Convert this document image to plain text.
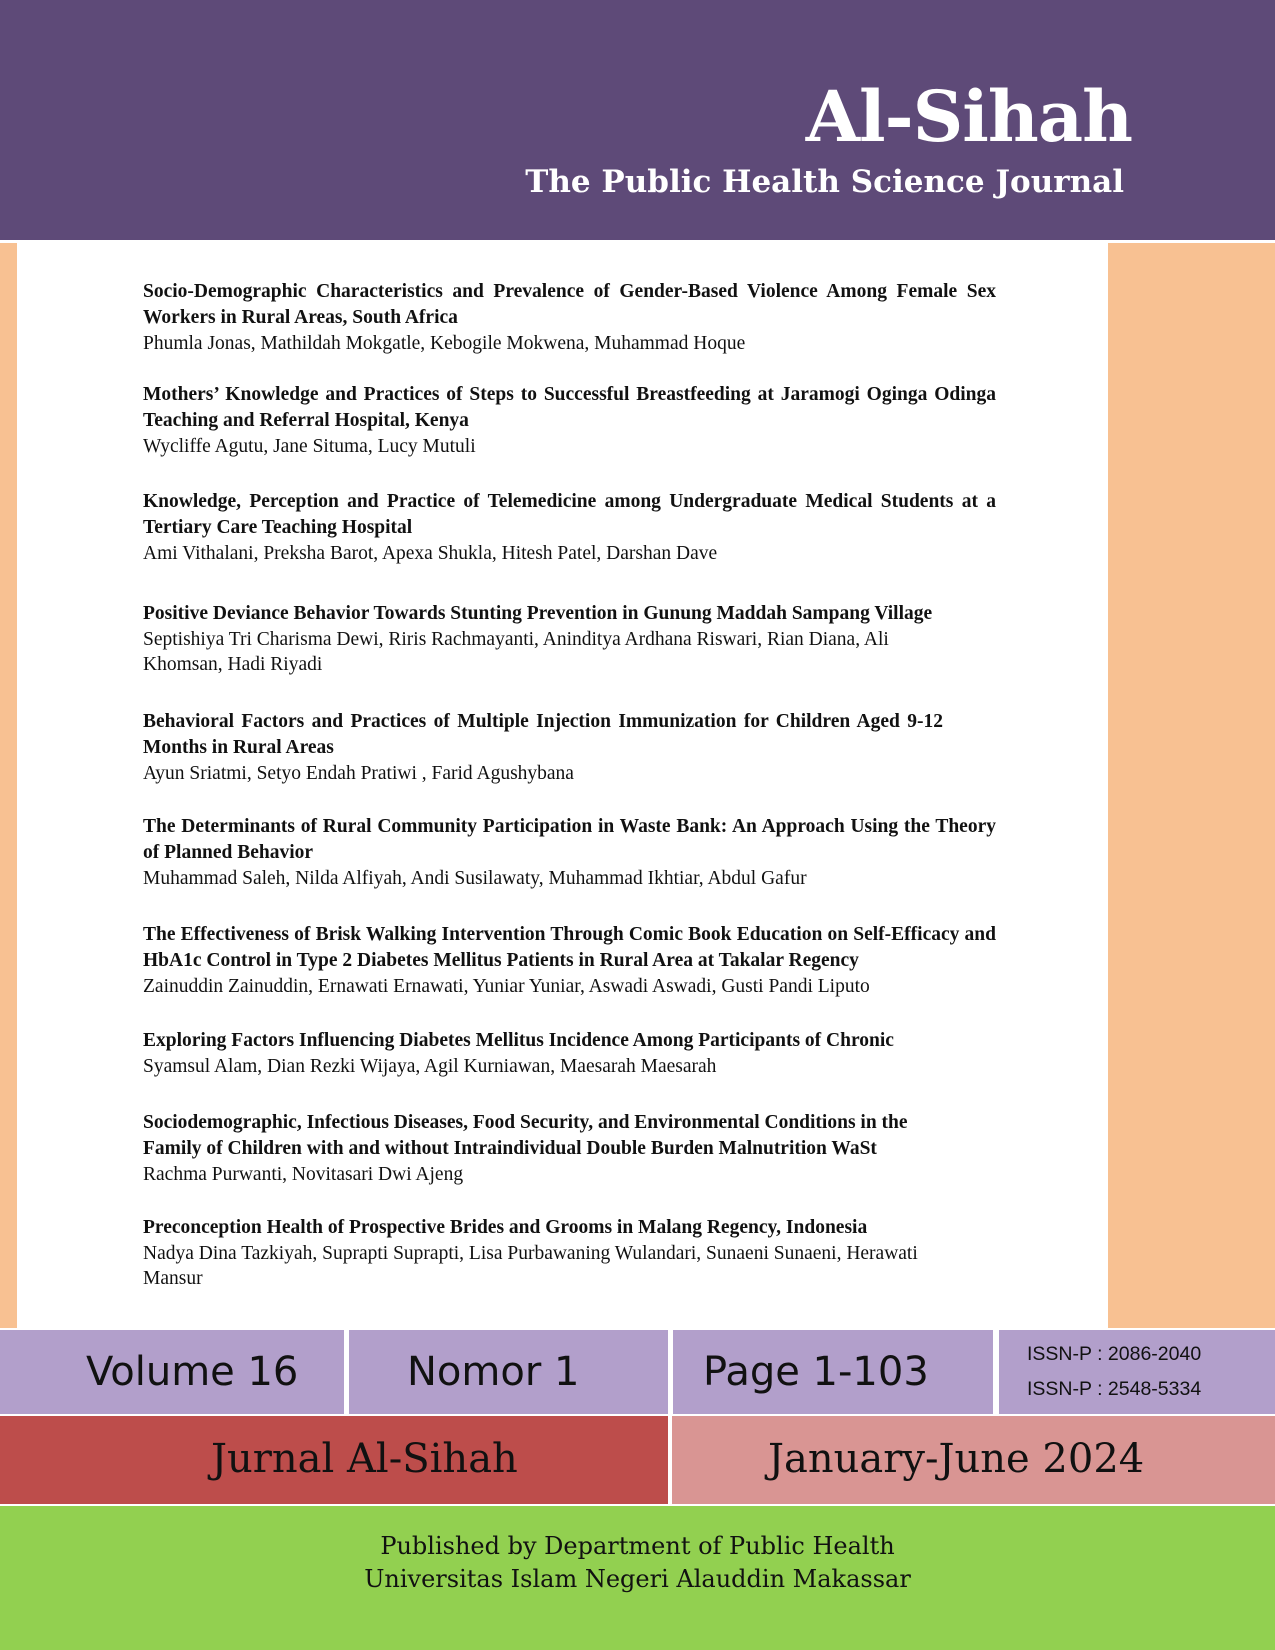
Al-Sihah
The Public Health Science Journal
Socio-Demographic Characteristics and Prevalence of Gender-Based Violence Among Female Sex Workers in Rural Areas, South Africa
Phumla Jonas, Mathildah Mokgatle, Kebogile Mokwena, Muhammad Hoque
Mothers’ Knowledge and Practices of Steps to Successful Breastfeeding at Jaramogi Oginga Odinga Teaching and Referral Hospital, Kenya
Wycliffe Agutu, Jane Situma, Lucy Mutuli
Knowledge, Perception and Practice of Telemedicine among Undergraduate Medical Students at a Tertiary Care Teaching Hospital
Ami Vithalani, Preksha Barot, Apexa Shukla, Hitesh Patel, Darshan Dave
Positive Deviance Behavior Towards Stunting Prevention in Gunung Maddah Sampang Village
Septishiya Tri Charisma Dewi, Riris Rachmayanti, Aninditya Ardhana Riswari, Rian Diana, Ali Khomsan, Hadi Riyadi
Behavioral Factors and Practices of Multiple Injection Immunization for Children Aged 9-12 Months in Rural Areas
Ayun Sriatmi, Setyo Endah Pratiwi , Farid Agushybana
The Determinants of Rural Community Participation in Waste Bank: An Approach Using the Theory of Planned Behavior
Muhammad Saleh, Nilda Alfiyah, Andi Susilawaty, Muhammad Ikhtiar, Abdul Gafur
The Effectiveness of Brisk Walking Intervention Through Comic Book Education on Self-Efficacy and HbA1c Control in Type 2 Diabetes Mellitus Patients in Rural Area at Takalar Regency
Zainuddin Zainuddin, Ernawati Ernawati, Yuniar Yuniar, Aswadi Aswadi, Gusti Pandi Liputo
Exploring Factors Influencing Diabetes Mellitus Incidence Among Participants of Chronic
Syamsul Alam, Dian Rezki Wijaya, Agil Kurniawan, Maesarah Maesarah
Sociodemographic, Infectious Diseases, Food Security, and Environmental Conditions in the Family of Children with and without Intraindividual Double Burden Malnutrition WaSt
Rachma Purwanti, Novitasari Dwi Ajeng
Preconception Health of Prospective Brides and Grooms in Malang Regency, Indonesia
Nadya Dina Tazkiyah, Suprapti Suprapti, Lisa Purbawaning Wulandari, Sunaeni Sunaeni, Herawati Mansur
Volume 16	Nomor 1	Page 1-103	ISSN-P : 2086-2040
ISSN-P : 2548-5334
Jurnal Al-Sihah	January-June 2024
Published by Department of Public Health
Universitas Islam Negeri Alauddin Makassar
